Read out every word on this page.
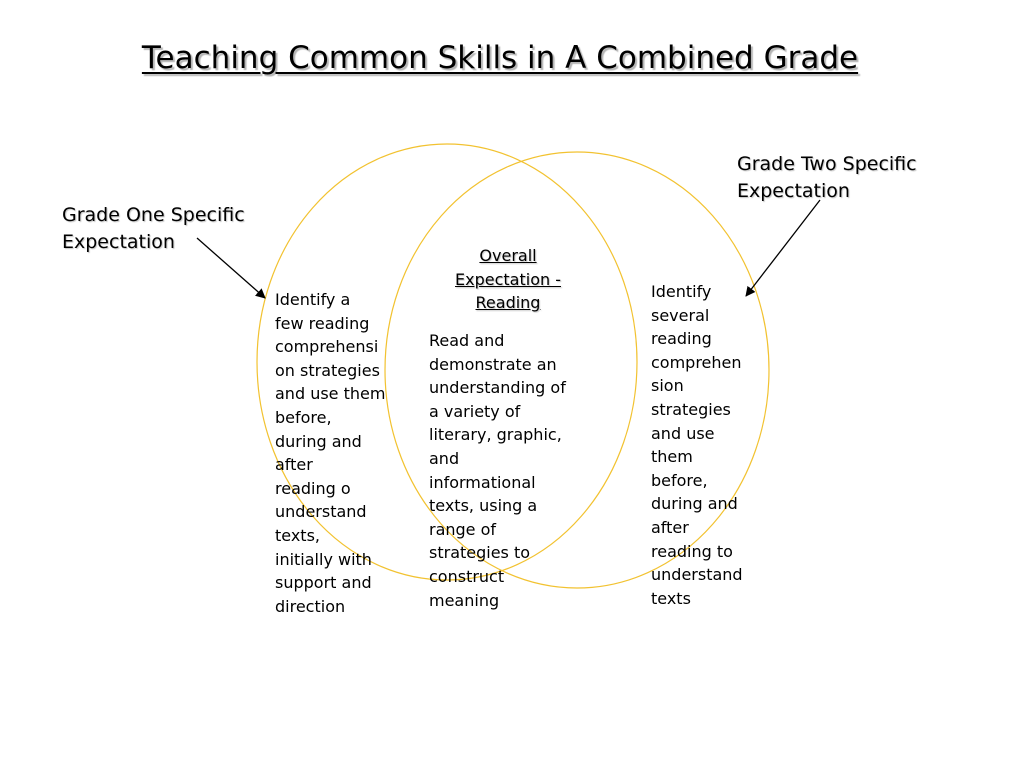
Teaching Common Skills in A Combined Grade
Grade One Specific
Expectation
Grade Two Specific
Expectation
Identify a
few reading
comprehensi
on strategies
and use them
before,
during and
after
reading o
understand
texts,
initially with
support and
direction
Overall
Expectation -
Reading
Read and
demonstrate an
understanding of
a variety of
literary, graphic,
and
informational
texts, using a
range of
strategies to
construct
meaning
Identify
several
reading
comprehen
sion
strategies
and use
them
before,
during and
after
reading to
understand
texts
